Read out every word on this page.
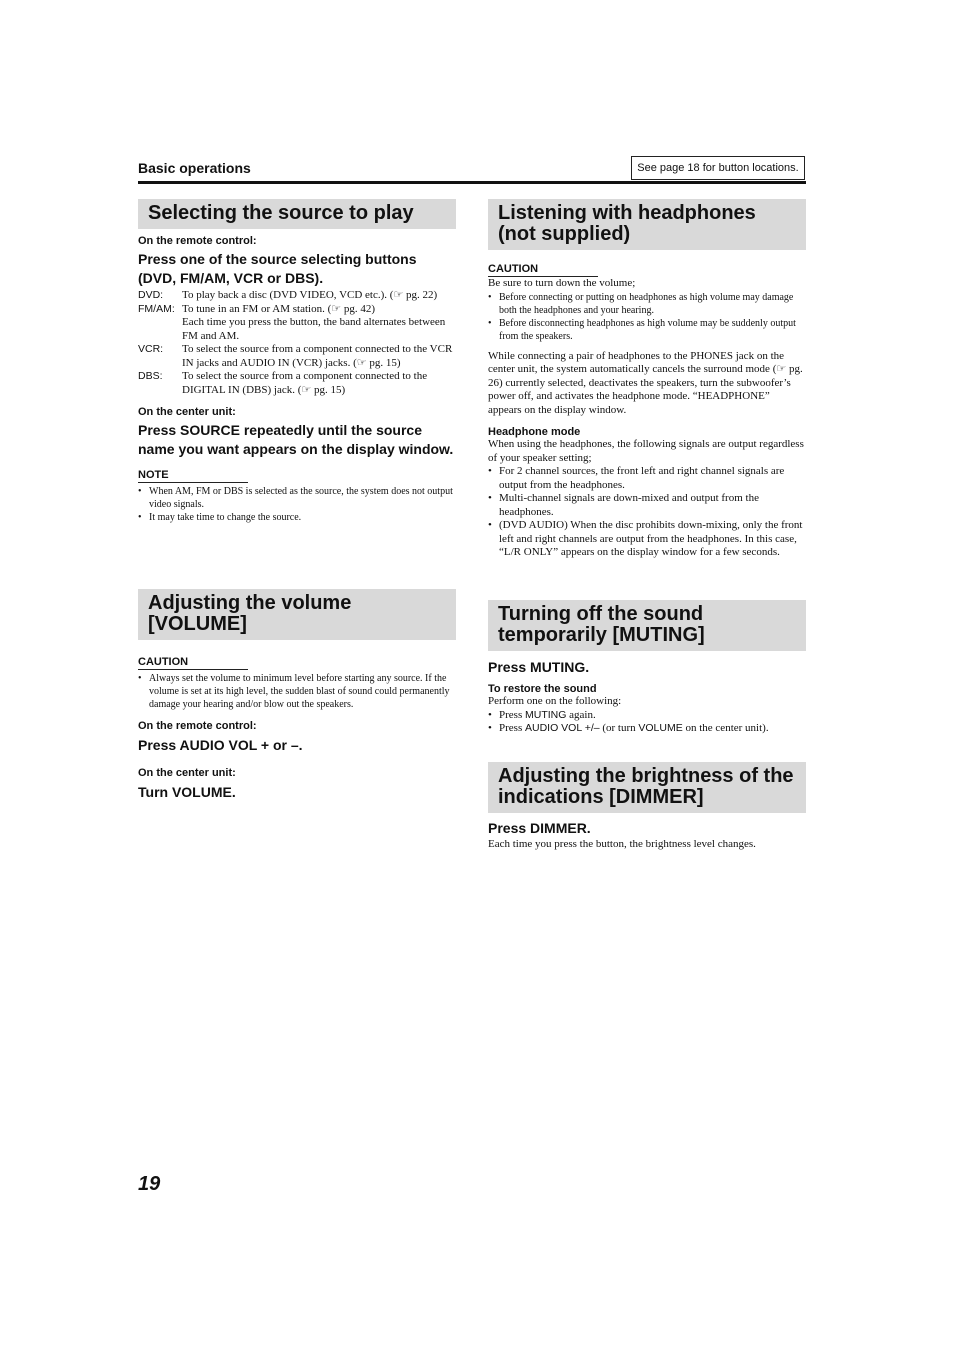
Basic operations	See page 18 for button locations.
Selecting the source to play

On the remote control:

Press one of the source selecting buttons (DVD, FM/AM, VCR or DBS).

DVD:	To play back a disc (DVD VIDEO, VCD etc.). (☞ pg. 22)
FM/AM: To tune in an FM or AM station. (☞ pg. 42)
Each time you press the button, the band alternates between FM and AM.
VCR:	To select the source from a component connected to the VCR IN jacks and AUDIO IN (VCR) jacks. (☞ pg. 15)
DBS:	To select the source from a component connected to the DIGITAL IN (DBS) jack. (☞ pg. 15)

On the center unit:

Press SOURCE repeatedly until the source name you want appears on the display window.

NOTE
• When AM, FM or DBS is selected as the source, the system does not output video signals.
• It may take time to change the source.
Adjusting the volume [VOLUME]
CAUTION
• Always set the volume to minimum level before starting any source. If the volume is set at its high level, the sudden blast of sound could permanently damage your hearing and/or blow out the speakers.

On the remote control:

Press AUDIO VOL + or –.

On the center unit:

Turn VOLUME.

Listening with headphones (not supplied)
CAUTION
Be sure to turn down the volume;
• Before connecting or putting on headphones as high volume may damage both the headphones and your hearing.
• Before disconnecting headphones as high volume may be suddenly output from the speakers.
While connecting a pair of headphones to the PHONES jack on the center unit, the system automatically cancels the surround mode (☞ pg. 26) currently selected, deactivates the speakers, turn the subwoofer’s power off, and activates the headphone mode. “HEADPHONE” appears on the display window.

Headphone mode

When using the headphones, the following signals are output regardless of your speaker setting;
• For 2 channel sources, the front left and right channel signals are output from the headphones.
• Multi-channel signals are down-mixed and output from the headphones.
• (DVD AUDIO) When the disc prohibits down-mixing, only the front left and right channels are output from the headphones. In this case, “L/R ONLY” appears on the display window for a few seconds.
Turning off the sound temporarily [MUTING]

Press MUTING.

To restore the sound

Perform one on the following:
• Press MUTING again.
• Press AUDIO VOL +/– (or turn VOLUME on the center unit).
Adjusting the brightness of the indications [DIMMER]

Press DIMMER.

Each time you press the button, the brightness level changes.
19
